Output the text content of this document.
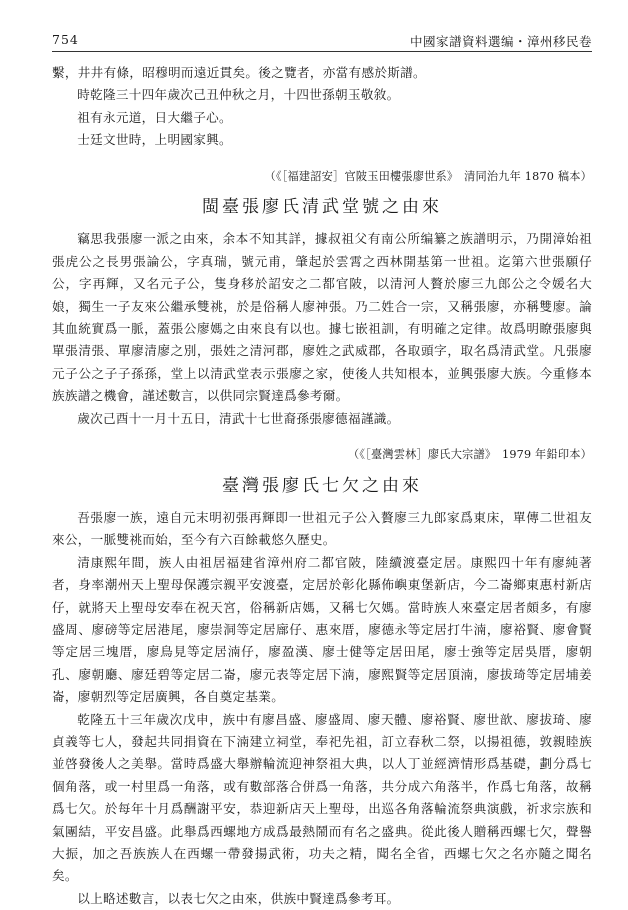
754	中國家譜資料選编・漳州移民卷

繫，井井有條，昭穆明而遠近貫矣。後之覽者，亦當有感於斯譜。

時乾隆三十四年歲次己丑仲秋之月，十四世孫朝玉敬敘。

祖有永元道，日大繼子心。

士廷文世時，上明國家興。

（《［福建詔安］官陂玉田樓張廖世系》　清同治九年 1870 稿本）

閩臺張廖氏清武堂號之由來

竊思我張廖一派之由來，余本不知其詳，據叔祖父有南公所编纂之族譜明示，乃開漳始祖張虎公之長男張論公，字真瑞，號元甫，肇起於雲霄之西林開基第一世祖。迄第六世張願仔公，字再輝，又名元子公，隻身移於詔安之二都官陂，以清河人贅於廖三九郎公之令媛名大娘，獨生一子友來公繼承雙祧，於是俗稱人廖神張。乃二姓合一宗，又稱張廖，亦稱雙廖。論其血統實爲一脈，蓋張公廖媽之由來良有以也。據七嵌祖訓，有明確之定律。故爲明瞭張廖與單張清張、單廖清廖之別，張姓之清河郡，廖姓之武威郡，各取頭字，取名爲清武堂。凡張廖元子公之子子孫孫，堂上以清武堂表示張廖之家，使後人共知根本，並興張廖大族。今重修本族族譜之機會，謹述數言，以供同宗賢達爲參考爾。

歲次己酉十一月十五日，清武十七世裔孫張廖德福謹識。

（《［臺灣雲林］廖氏大宗譜》　1979 年鉛印本）

臺灣張廖氏七欠之由來

吾張廖一族，遠自元末明初張再輝即一世祖元子公入贅廖三九郎家爲東床，單傳二世祖友來公，一脈雙祧而始，至今有六百餘載悠久歷史。

清康熙年間，族人由祖居福建省漳州府二都官陂，陸續渡臺定居。康熙四十年有廖純著者，身率潮州天上聖母保護宗親平安渡臺，定居於彰化縣佈嶼東堡新店，今二崙鄉東惠村新店仔，就將天上聖母安奉在祝天宮，俗稱新店媽，又稱七欠媽。當時族人來臺定居者頗多，有廖盛周、廖磅等定居港尾，廖崇洞等定居廍仔、惠來厝，廖德永等定居打牛湳，廖裕賢、廖會賢等定居三塊厝，廖鳥見等定居湳仔，廖盈漢、廖士健等定居田尾，廖士強等定居吳厝，廖朝孔、廖朝廳、廖廷碧等定居二崙，廖元表等定居下湳，廖熙賢等定居頂湳，廖拔琦等定居埔姜崙，廖朝烈等定居廣興，各自奠定基業。

乾隆五十三年歲次戊申，族中有廖昌盛、廖盛周、廖天體、廖裕賢、廖世歆、廖拔琦、廖貞義等七人，發起共同捐資在下湳建立祠堂，奉祀先祖，訂立春秋二祭，以揚祖德，敦親睦族並啓發後人之美舉。當時爲盛大舉辦輪流迎神祭祖大典，以人丁並經濟情形爲基礎，劃分爲七個角落，或一村里爲一角落，或有數部落合併爲一角落，共分成六角落半，作爲七角落，故稱爲七欠。於每年十月爲酬謝平安，恭迎新店天上聖母，出巡各角落輪流祭典演戲，祈求宗族和氣團結，平安昌盛。此舉爲西螺地方成爲最熱鬧而有名之盛典。從此後人贈稱西螺七欠，聲譽大振，加之吾族族人在西螺一帶發揚武術，功夫之精，聞名全省，西螺七欠之名亦隨之聞名矣。

以上略述數言，以表七欠之由來，供族中賢達爲參考耳。
